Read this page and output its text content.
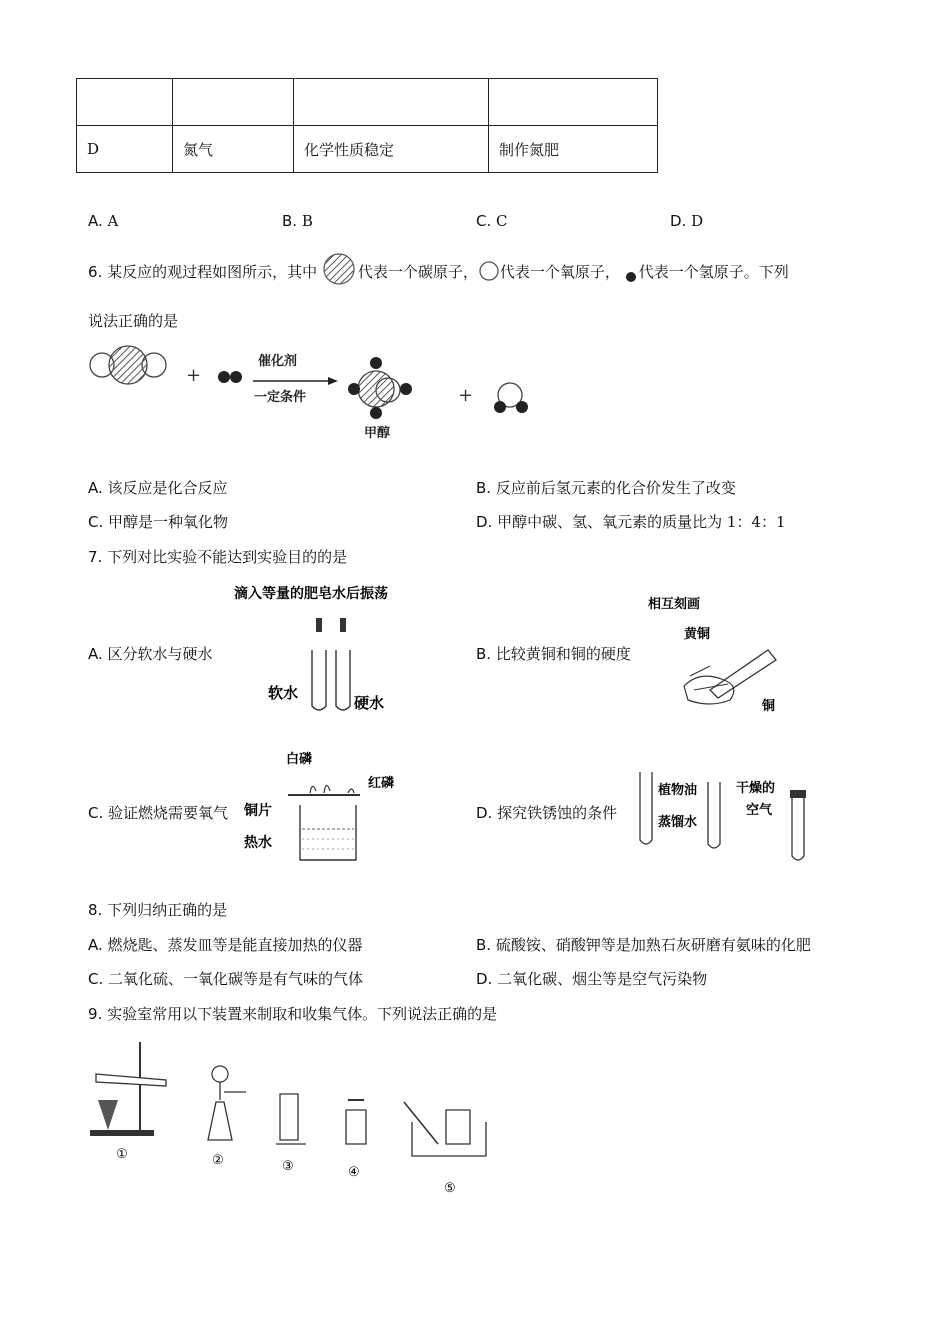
D	氮气	化学性质稳定	制作氮肥
A. A	B. B	C. C	D. D
6. 某反应的观过程如图所示，其中	代表一个碳原子， 代表一个氧原子， 代表一个氢原子。下列
说法正确的是
+
催化剂
一定条件
甲醇
+
A. 该反应是化合反应	B. 反应前后氢元素的化合价发生了改变
C. 甲醇是一种氧化物	D. 甲醇中碳、氢、氧元素的质量比为 1：4：1
7. 下列对比实验不能达到实验目的的是
A. 区分软水与硬水	B. 比较黄铜和铜的硬度
C. 验证燃烧需要氧气	D. 探究铁锈蚀的条件
滴入等量的肥皂水后振荡
软水
硬水
相互刻画
黄铜
铜
白磷
红磷
铜片
热水
植物油
蒸馏水
干燥的
空气
8. 下列归纳正确的是
A. 燃烧匙、蒸发皿等是能直接加热的仪器	B. 硫酸铵、硝酸钾等是加熟石灰研磨有氨味的化肥
C. 二氧化硫、一氧化碳等是有气味的气体	D. 二氧化碳、烟尘等是空气污染物
9. 实验室常用以下装置来制取和收集气体。下列说法正确的是
①	②	③	④
⑤
